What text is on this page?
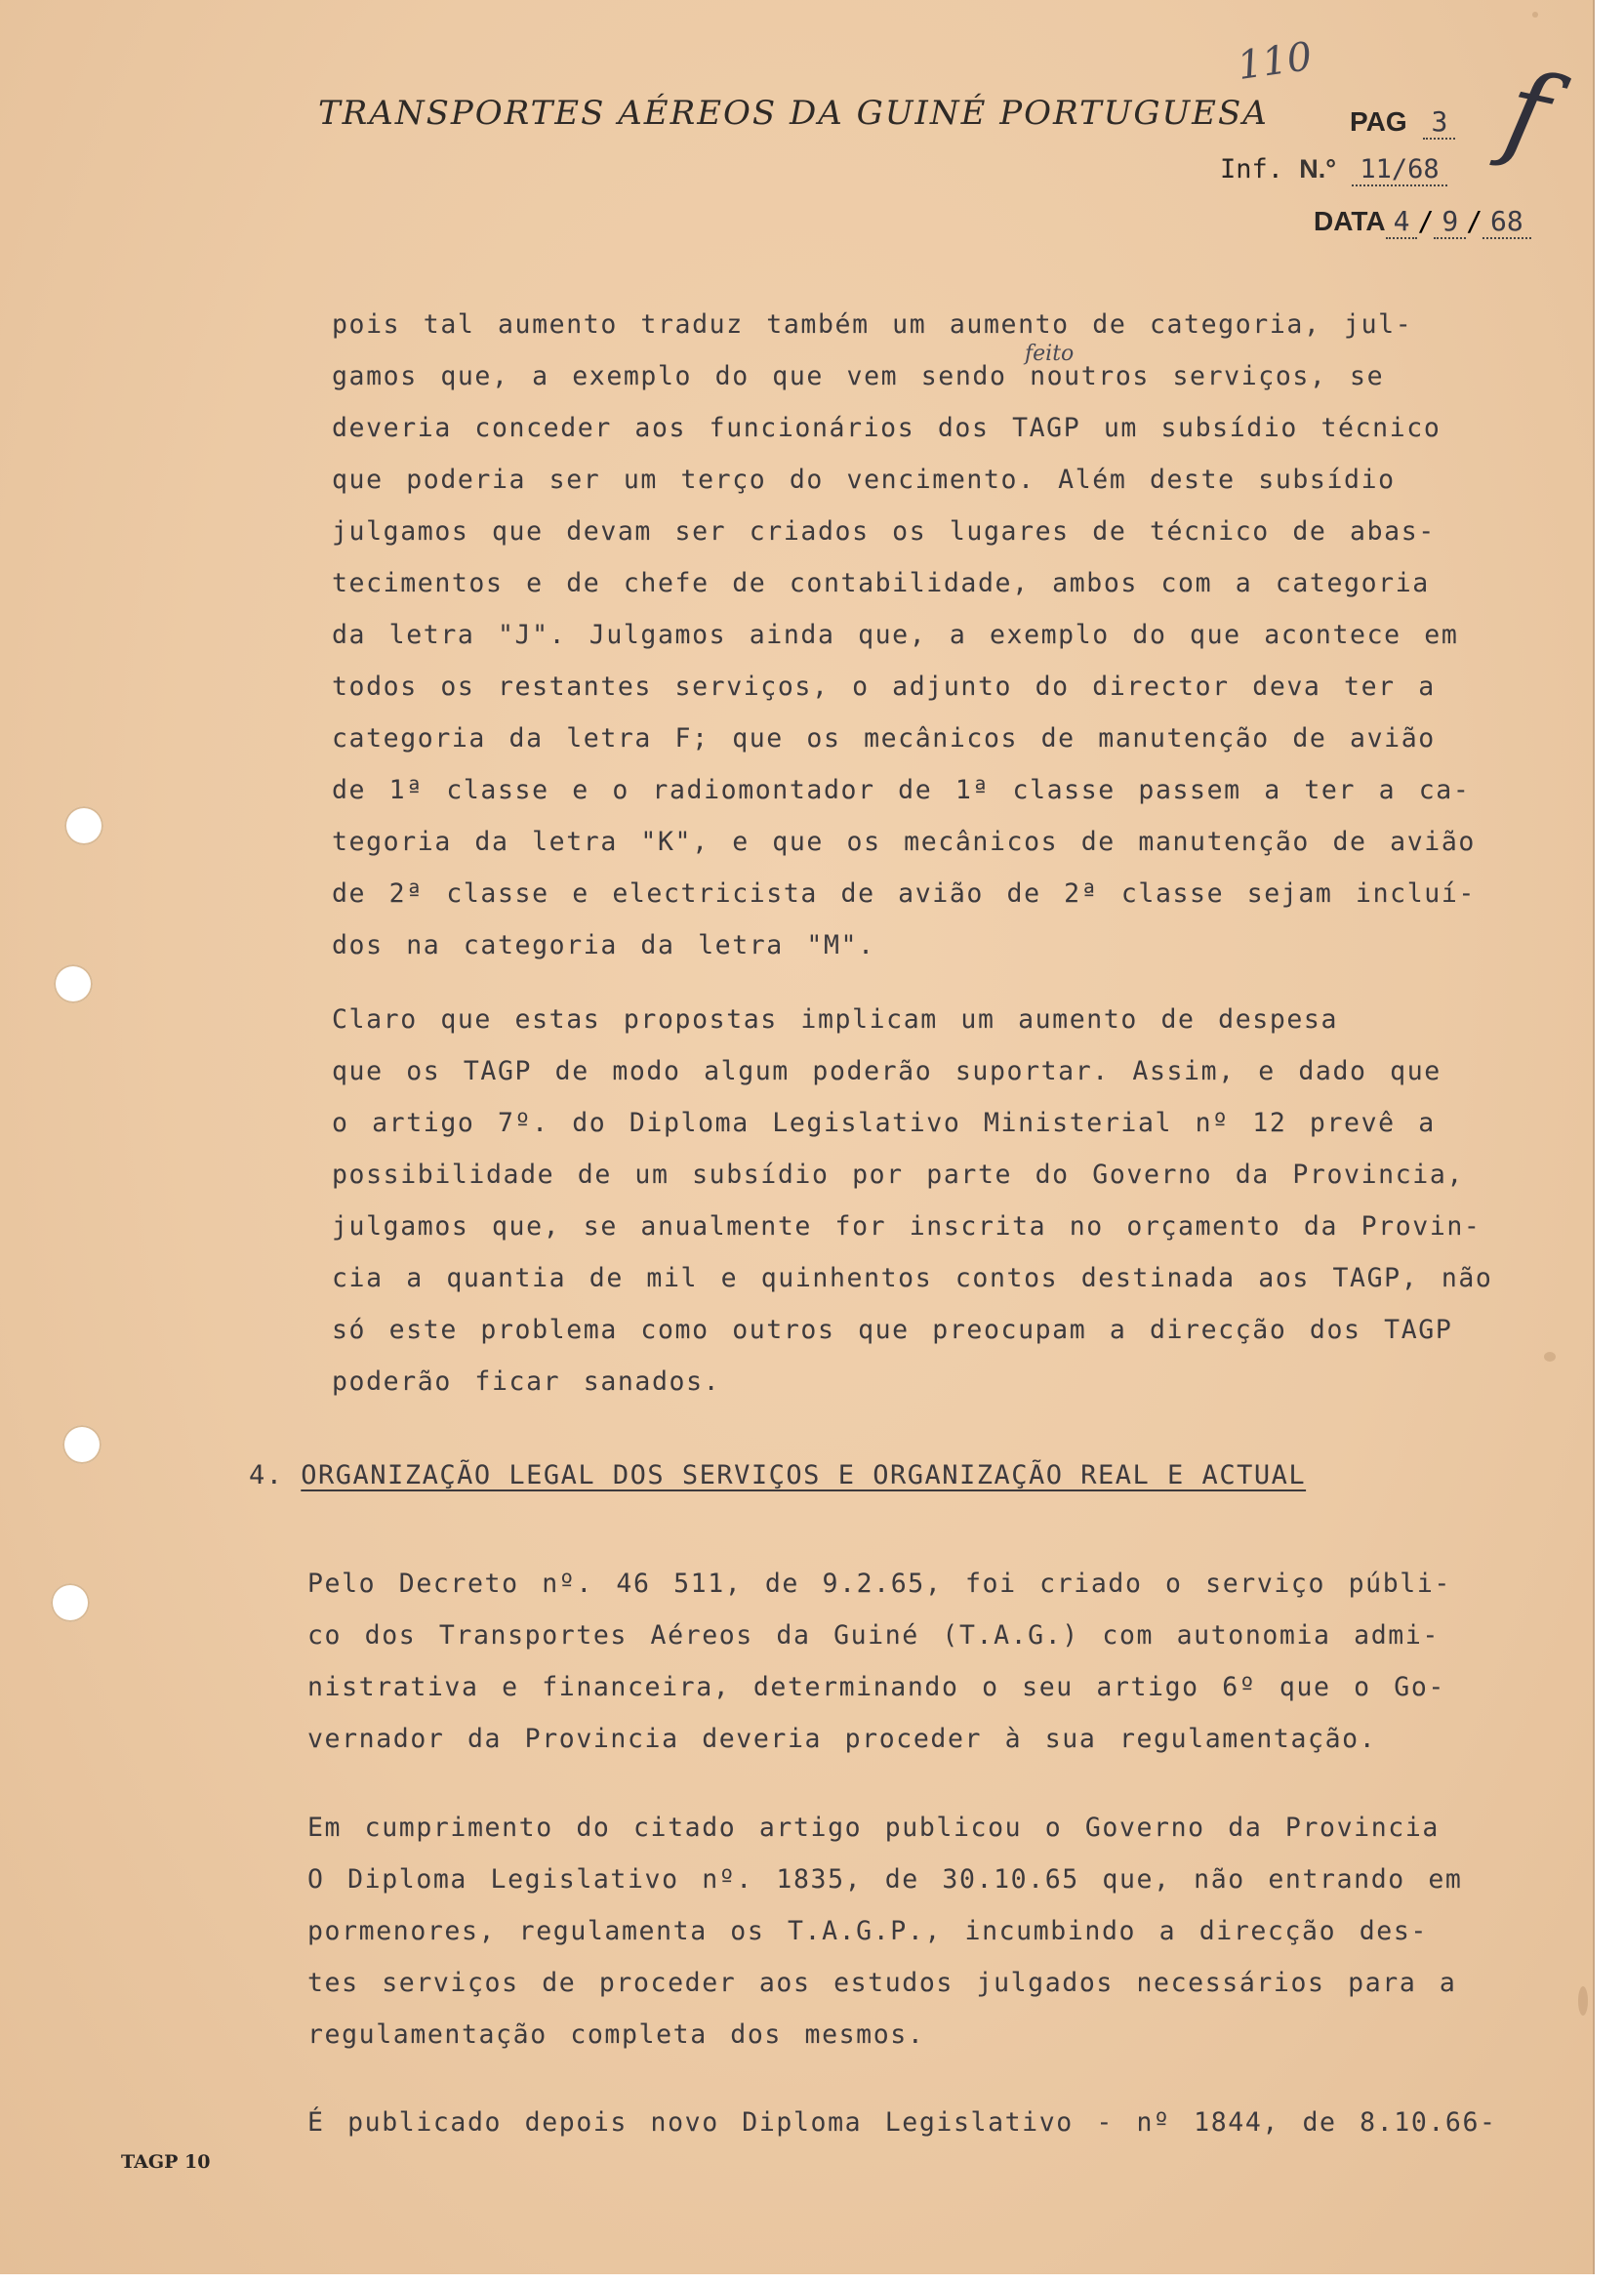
TRANSPORTES AÉREOS DA GUINÉ PORTUGUESA
110 f
PAG 3
Inf. N.° 11/68
DATA 4 / 9 / 68
feito

pois tal aumento traduz também um aumento de categoria, jul-
gamos que, a exemplo do que vem sendo noutros serviços, se
deveria conceder aos funcionários dos TAGP um subsídio técnico
que poderia ser um terço do vencimento. Além deste subsídio
julgamos que devam ser criados os lugares de técnico de abas-
tecimentos e de chefe de contabilidade, ambos com a categoria
da letra "J". Julgamos ainda que, a exemplo do que acontece em
todos os restantes serviços, o adjunto do director deva ter a
categoria da letra F; que os mecânicos de manutenção de avião
de 1ª classe e o radiomontador de 1ª classe passem a ter a ca-
tegoria da letra "K", e que os mecânicos de manutenção de avião
de 2ª classe e electricista de avião de 2ª classe sejam incluí-
dos na categoria da letra "M".

Claro que estas propostas implicam um aumento de despesa
que os TAGP de modo algum poderão suportar. Assim, e dado que
o artigo 7º. do Diploma Legislativo Ministerial nº 12 prevê a
possibilidade de um subsídio por parte do Governo da Provincia,
julgamos que, se anualmente for inscrita no orçamento da Provin-
cia a quantia de mil e quinhentos contos destinada aos TAGP, não
só este problema como outros que preocupam a direcção dos TAGP
poderão ficar sanados.

4. ORGANIZAÇÃO LEGAL DOS SERVIÇOS E ORGANIZAÇÃO REAL E ACTUAL

Pelo Decreto nº. 46 511, de 9.2.65, foi criado o serviço públi-
co dos Transportes Aéreos da Guiné (T.A.G.) com autonomia admi-
nistrativa e financeira, determinando o seu artigo 6º que o Go-
vernador da Provincia deveria proceder à sua regulamentação.

Em cumprimento do citado artigo publicou o Governo da Provincia
O Diploma Legislativo nº. 1835, de 30.10.65 que, não entrando em
pormenores, regulamenta os T.A.G.P., incumbindo a direcção des-
tes serviços de proceder aos estudos julgados necessários para a
regulamentação completa dos mesmos.

É publicado depois novo Diploma Legislativo - nº 1844, de 8.10.66-

TAGP 10
